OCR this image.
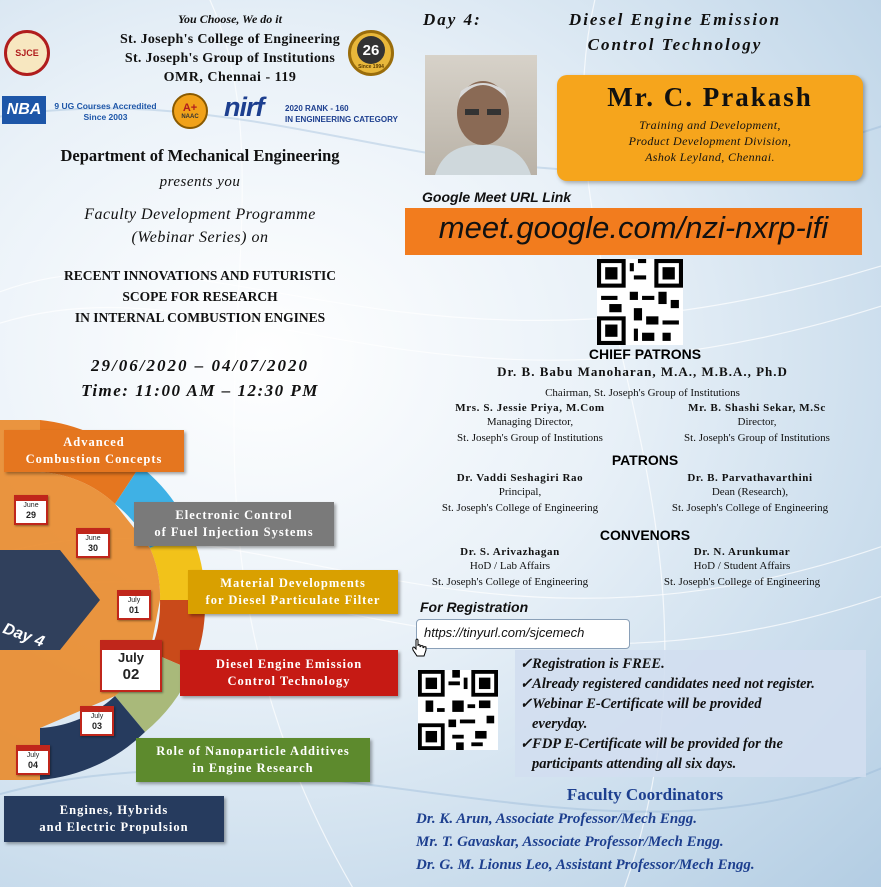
SJCE
You Choose, We do it
St. Joseph's College of Engineering
St. Joseph's Group of Institutions
OMR, Chennai - 119
26
Since 1994
NBA	9 UG Courses Accredited
Since 2003
A+
NAAC nirf	2020 RANK - 160
IN ENGINEERING CATEGORY
Department of Mechanical Engineering
presents you
Faculty Development Programme
(Webinar Series) on
RECENT INNOVATIONS AND FUTURISTIC
SCOPE FOR RESEARCH
IN INTERNAL COMBUSTION ENGINES
29/06/2020 – 04/07/2020
Time: 11:00 AM – 12:30 PM
Day 4
June
29
June
30
July
01
July
02
July
03
July
04
Advanced
Combustion Concepts
Electronic Control
of Fuel Injection Systems
Material Developments
for Diesel Particulate Filter
Diesel Engine Emission
Control Technology
Role of Nanoparticle Additives
in Engine Research
Engines, Hybrids
and Electric Propulsion
Day 4:	Diesel Engine Emission
Control Technology
Mr. C. Prakash
Training and Development,
Product Development Division,
Ashok Leyland, Chennai.
Google Meet URL Link
meet.google.com/nzi-nxrp-ifi
CHIEF PATRONS
Dr. B. Babu Manoharan, M.A., M.B.A., Ph.D
Chairman, St. Joseph's Group of Institutions
Mrs. S. Jessie Priya, M.Com
Managing Director,
St. Joseph's Group of Institutions
Mr. B. Shashi Sekar, M.Sc
Director,
St. Joseph's Group of Institutions
PATRONS
Dr. Vaddi Seshagiri Rao
Principal,
St. Joseph's College of Engineering
Dr. B. Parvathavarthini
Dean (Research),
St. Joseph's College of Engineering
CONVENORS
Dr. S. Arivazhagan
HoD / Lab Affairs
St. Joseph's College of Engineering
Dr. N. Arunkumar
HoD / Student Affairs
St. Joseph's College of Engineering
For Registration
https://tinyurl.com/sjcemech
✓Registration is FREE.
✓Already registered candidates need not register.
✓Webinar E-Certificate will be provided
everyday.
✓FDP E-Certificate will be provided for the
participants attending all six days.
Faculty Coordinators
Dr. K. Arun, Associate Professor/Mech Engg.
Mr. T. Gavaskar, Associate Professor/Mech Engg.
Dr. G. M. Lionus Leo, Assistant Professor/Mech Engg.
